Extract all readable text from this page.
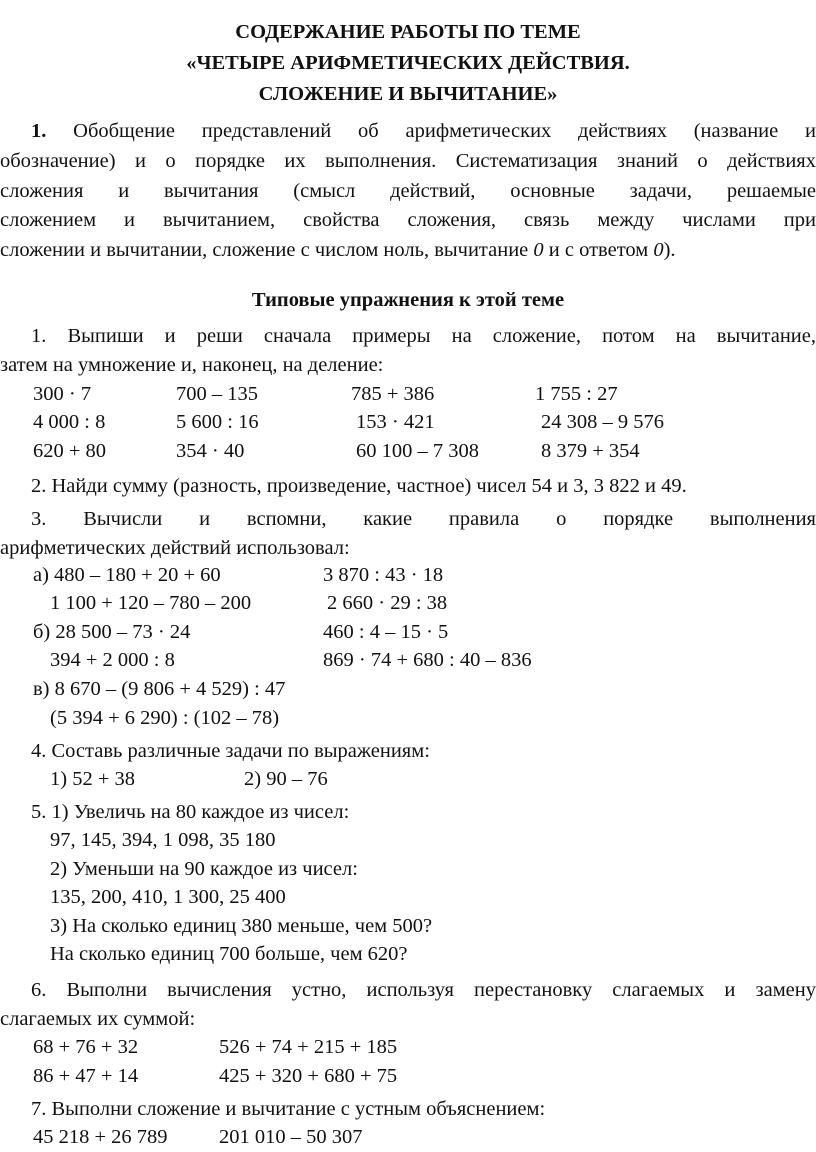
СОДЕРЖАНИЕ РАБОТЫ ПО ТЕМЕ
«ЧЕТЫРЕ АРИФМЕТИЧЕСКИХ ДЕЙСТВИЯ.
СЛОЖЕНИЕ И ВЫЧИТАНИЕ»
1. Обобщение представлений об арифметических действиях (название и
обозначение) и о порядке их выполнения. Систематизация знаний о действиях
сложения и вычитания (смысл действий, основные задачи, решаемые
сложением и вычитанием, свойства сложения, связь между числами при
сложении и вычитании, сложение с числом ноль, вычитание 0 и с ответом 0).
Типовые упражнения к этой теме
1. Выпиши и реши сначала примеры на сложение, потом на вычитание,
затем на умножение и, наконец, на деление:
300 · 7	700 – 135	785 + 386	1 755 : 27
4 000 : 8	5 600 : 16	153 · 421	24 308 – 9 576
620 + 80	354 · 40	60 100 – 7 308	8 379 + 354
2. Найди сумму (разность, произведение, частное) чисел 54 и 3, 3 822 и 49.
3. Вычисли и вспомни, какие правила о порядке выполнения
арифметических действий использовал:
а) 480 – 180 + 20 + 60	3 870 : 43 · 18
1 100 + 120 – 780 – 200	2 660 · 29 : 38
б) 28 500 – 73 · 24	460 : 4 – 15 · 5
394 + 2 000 : 8	869 · 74 + 680 : 40 – 836
в) 8 670 – (9 806 + 4 529) : 47
(5 394 + 6 290) : (102 – 78)
4. Составь различные задачи по выражениям:
1) 52 + 38	2) 90 – 76
5. 1) Увеличь на 80 каждое из чисел:
97, 145, 394, 1 098, 35 180
2) Уменьши на 90 каждое из чисел:
135, 200, 410, 1 300, 25 400
3) На сколько единиц 380 меньше, чем 500?
На сколько единиц 700 больше, чем 620?
6. Выполни вычисления устно, используя перестановку слагаемых и замену
слагаемых их суммой:
68 + 76 + 32	526 + 74 + 215 + 185
86 + 47 + 14	425 + 320 + 680 + 75
7. Выполни сложение и вычитание с устным объяснением:
45 218 + 26 789	201 010 – 50 307
